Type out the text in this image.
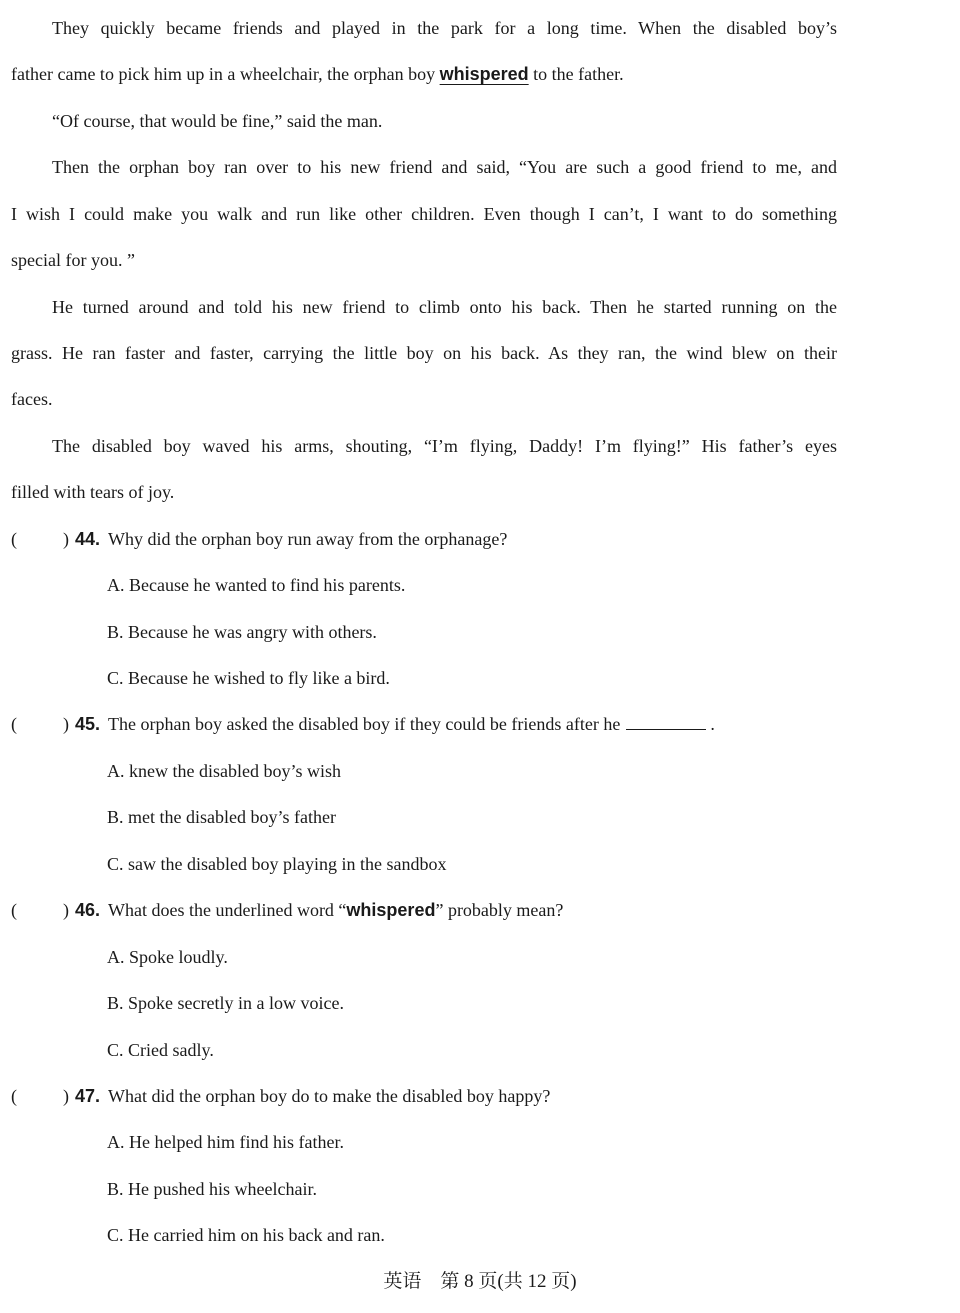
They quickly became friends and played in the park for a long time. When the disabled boy’s
father came to pick him up in a wheelchair, the orphan boy whispered to the father.
“Of course, that would be fine,” said the man.
Then the orphan boy ran over to his new friend and said, “You are such a good friend to me, and
I wish I could make you walk and run like other children. Even though I can’t, I want to do something
special for you. ”
He turned around and told his new friend to climb onto his back. Then he started running on the
grass. He ran faster and faster, carrying the little boy on his back. As they ran, the wind blew on their
faces.
The disabled boy waved his arms, shouting, “I’m flying, Daddy! I’m flying!” His father’s eyes
filled with tears of joy.
(	) 44. Why did the orphan boy run away from the orphanage?
A. Because he wanted to find his parents.
B. Because he was angry with others.
C. Because he wished to fly like a bird.
(	) 45. The orphan boy asked the disabled boy if they could be friends after he	.
A. knew the disabled boy’s wish
B. met the disabled boy’s father
C. saw the disabled boy playing in the sandbox
(	) 46. What does the underlined word “whispered” probably mean?
A. Spoke loudly.
B. Spoke secretly in a low voice.
C. Cried sadly.
(	) 47. What did the orphan boy do to make the disabled boy happy?
A. He helped him find his father.
B. He pushed his wheelchair.
C. He carried him on his back and ran.
英语　第 8 页(共 12 页)
